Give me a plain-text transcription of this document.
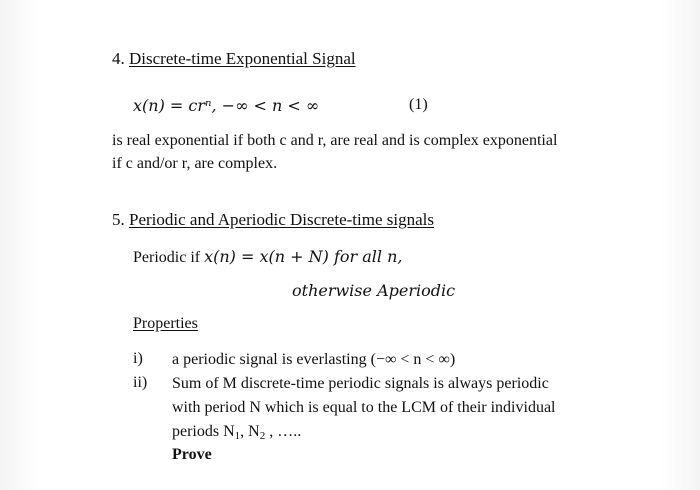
4. Discrete-time Exponential Signal
x(n) = crⁿ, −∞ < n < ∞	(1)
is real exponential if both c and r, are real and is complex exponential
if c and/or r, are complex.
5. Periodic and Aperiodic Discrete-time signals
Periodic if x(n) = x(n + N) for all n,
otherwise Aperiodic
Properties
i) a periodic signal is everlasting (−∞ < n < ∞)
ii) Sum of M discrete-time periodic signals is always periodic
with period N which is equal to the LCM of their individual
periods $N_1$, $N_2$ , …..
Prove
